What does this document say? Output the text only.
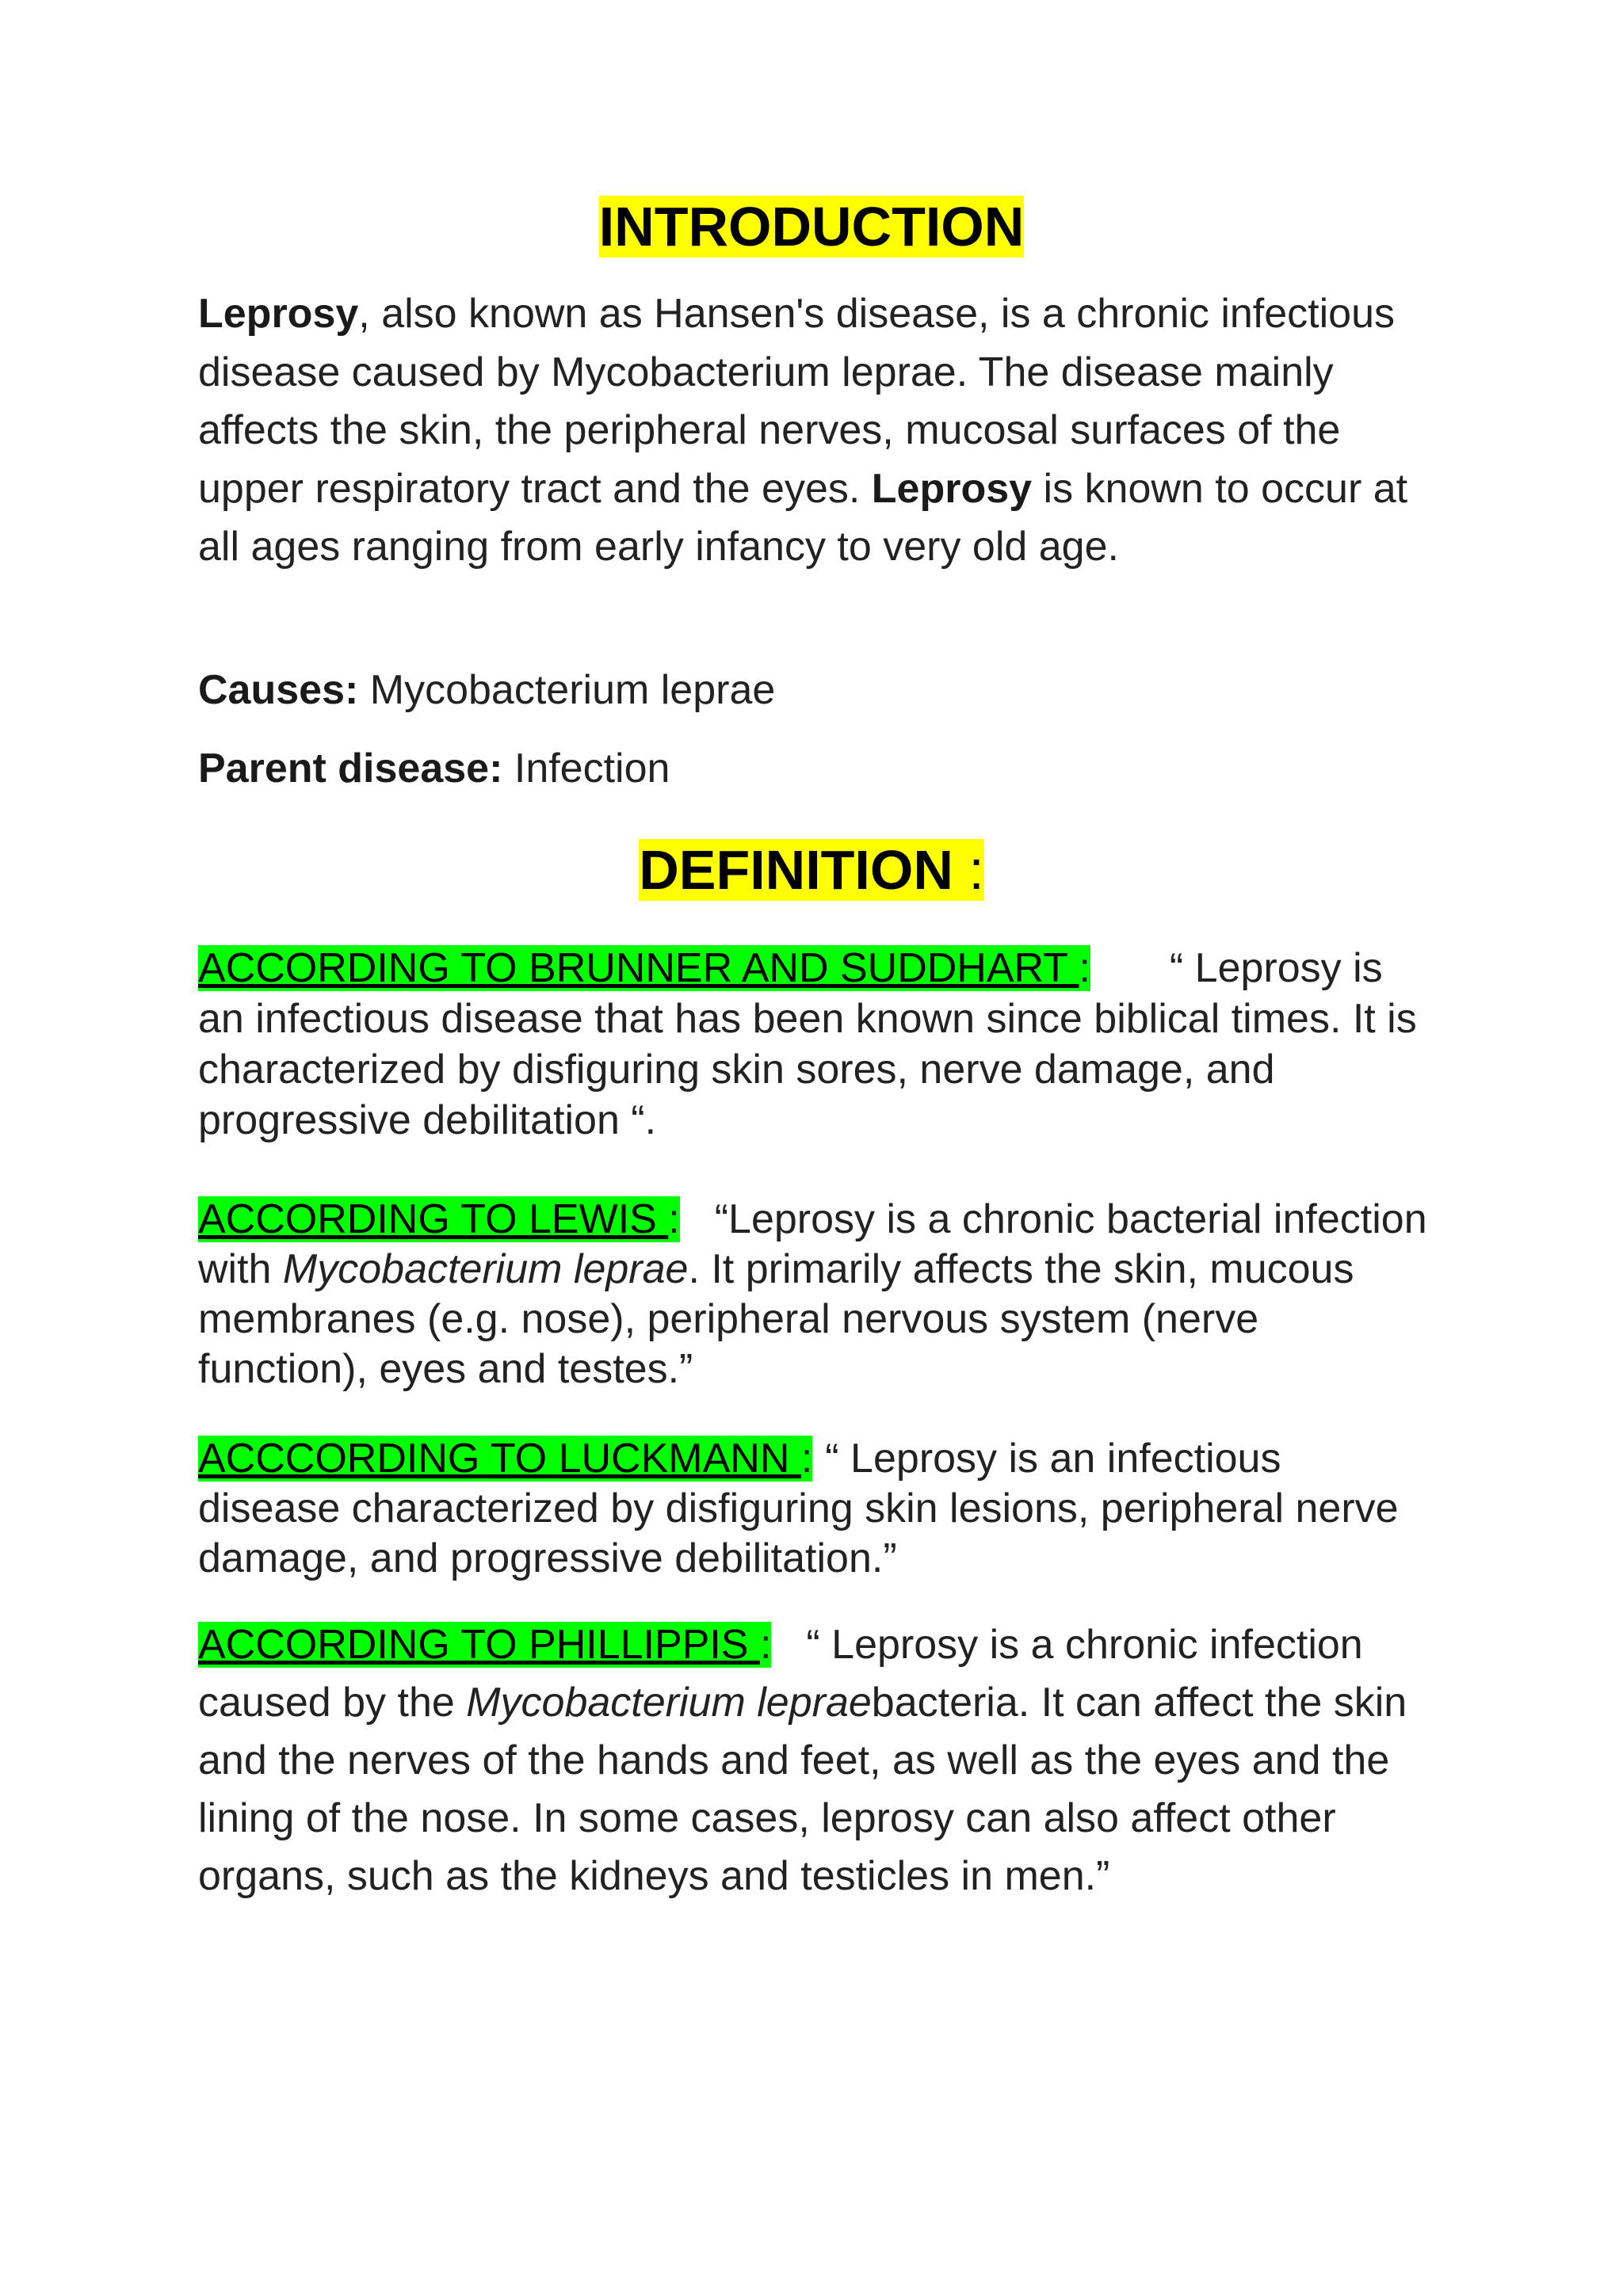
INTRODUCTION
Leprosy, also known as Hansen's disease, is a chronic infectious disease caused by Mycobacterium leprae. The disease mainly affects the skin, the peripheral nerves, mucosal surfaces of the upper respiratory tract and the eyes. Leprosy is known to occur at all ages ranging from early infancy to very old age.
Causes: Mycobacterium leprae
Parent disease: Infection
DEFINITION :
ACCORDING TO BRUNNER AND SUDDHART : “ Leprosy is an infectious disease that has been known since biblical times. It is characterized by disfiguring skin sores, nerve damage, and progressive debilitation “.
ACCORDING TO LEWIS : “Leprosy is a chronic bacterial infection with Mycobacterium leprae. It primarily affects the skin, mucous membranes (e.g. nose), peripheral nervous system (nerve function), eyes and testes.”
ACCCORDING TO LUCKMANN : “ Leprosy is an infectious disease characterized by disfiguring skin lesions, peripheral nerve damage, and progressive debilitation.”
ACCORDING TO PHILLIPPIS : “ Leprosy is a chronic infection caused by the Mycobacterium lepraebacteria. It can affect the skin and the nerves of the hands and feet, as well as the eyes and the lining of the nose. In some cases, leprosy can also affect other organs, such as the kidneys and testicles in men.”
